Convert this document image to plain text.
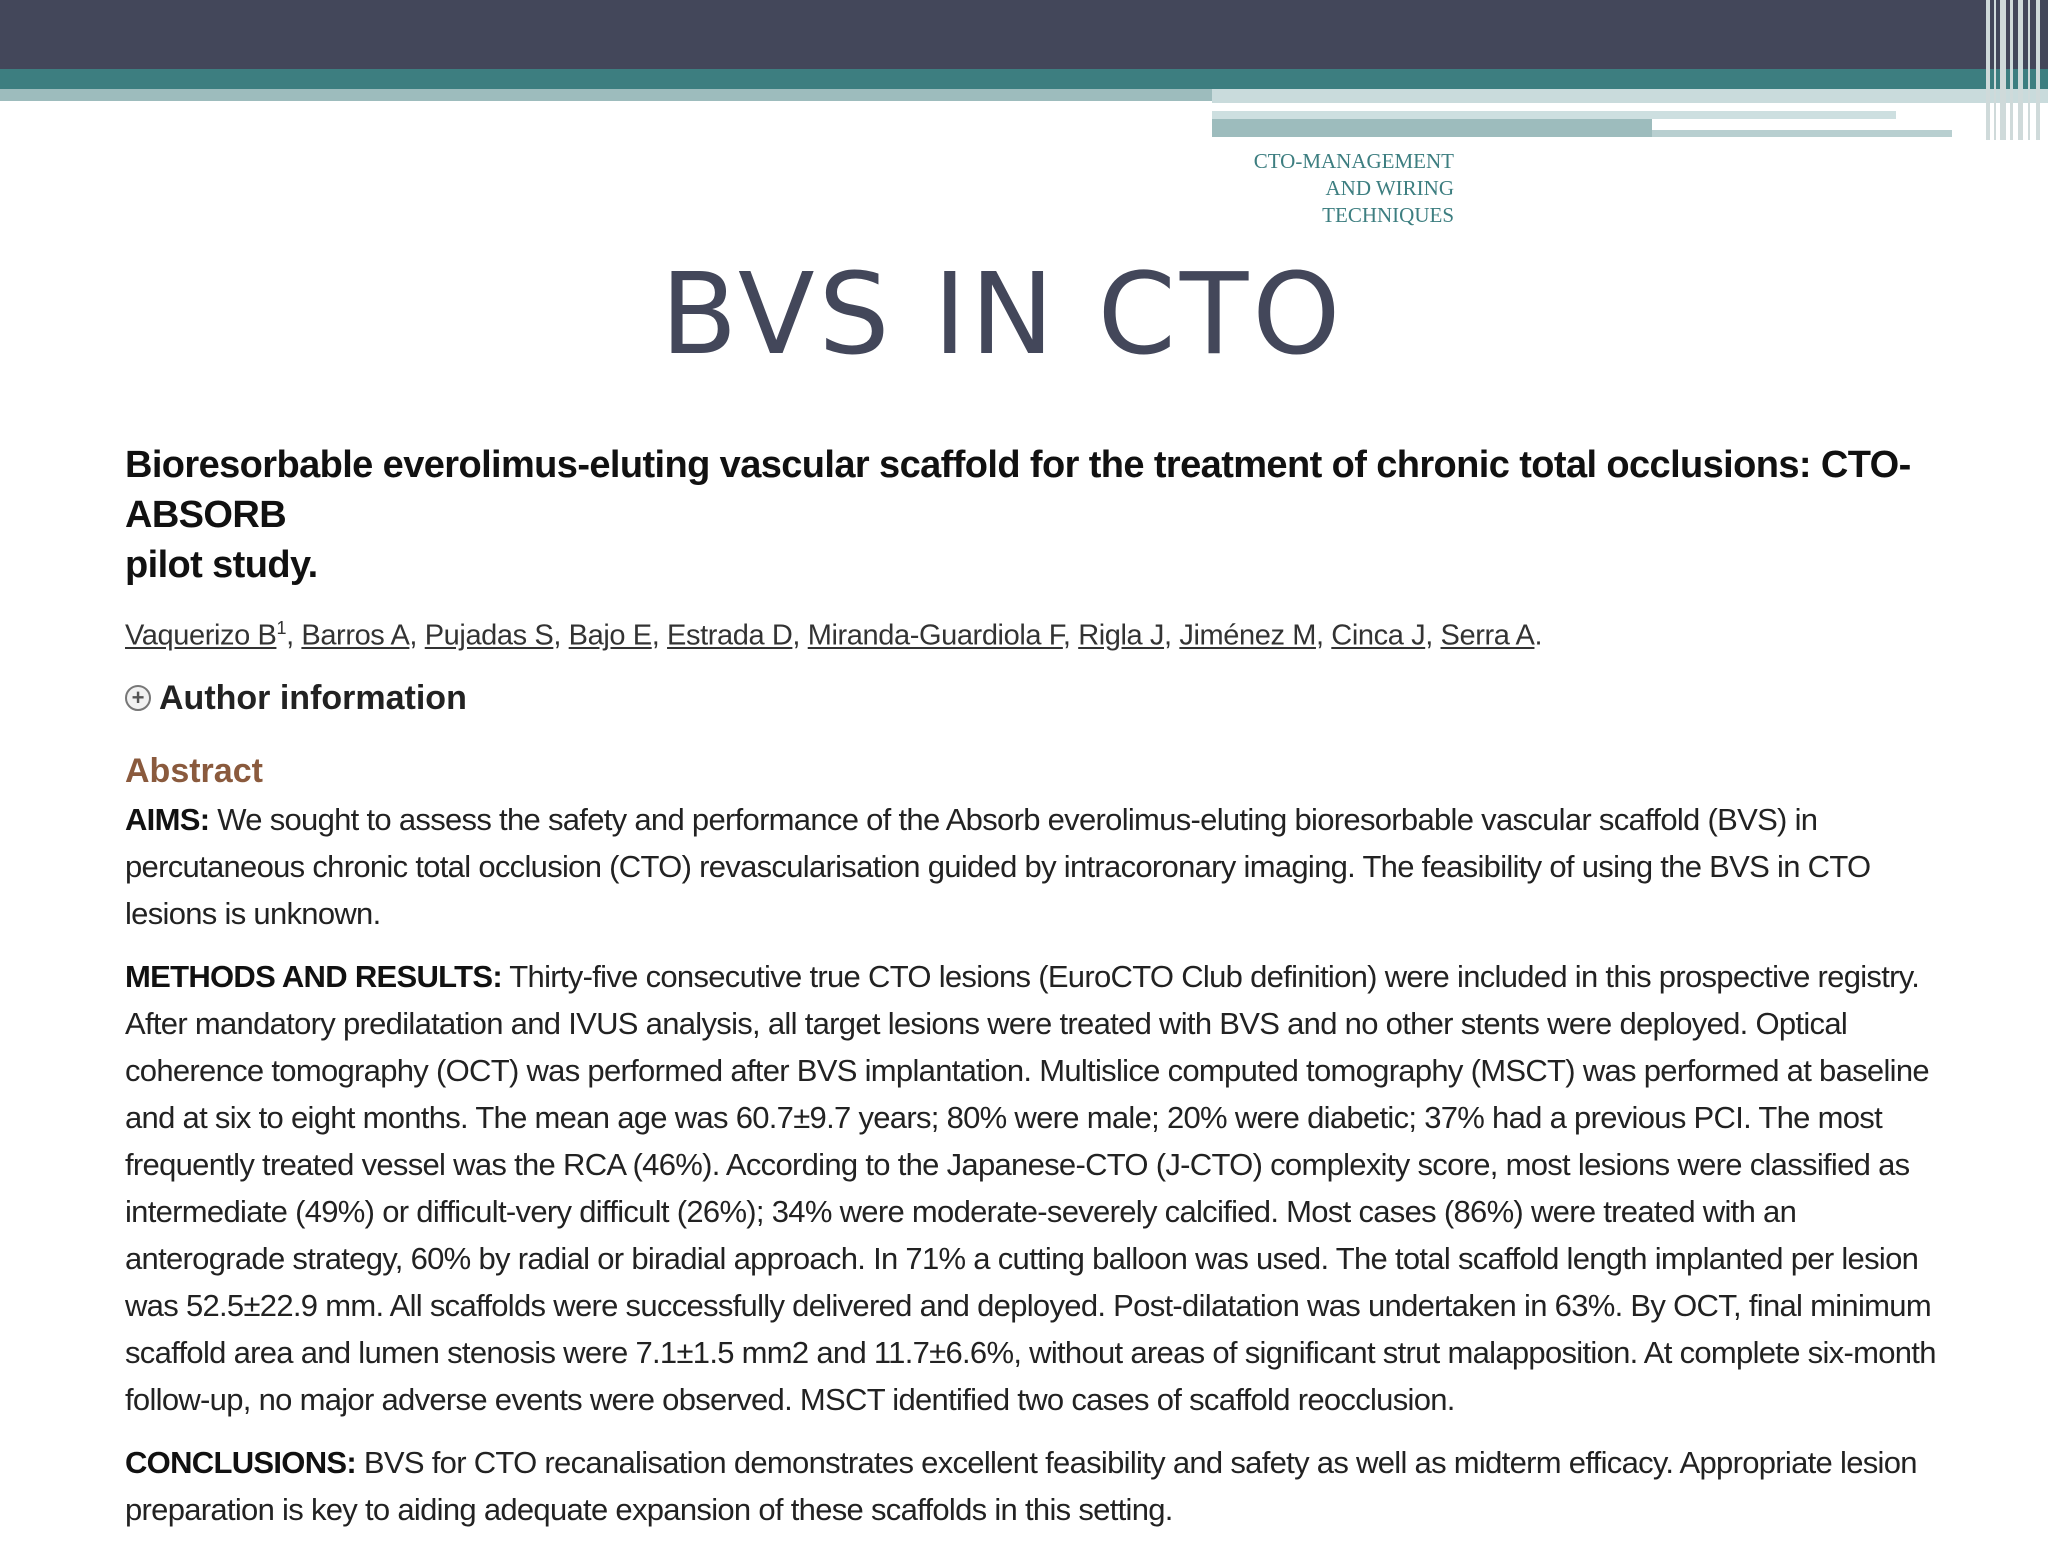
CTO-MANAGEMENT
AND WIRING
TECHNIQUES
BVS IN CTO
Bioresorbable everolimus-eluting vascular scaffold for the treatment of chronic total occlusions: CTO-ABSORB
pilot study.
Vaquerizo $B^1$, Barros A, Pujadas S, Bajo E, Estrada D, Miranda-Guardiola F, Rigla J, Jiménez M, Cinca J, Serra A.
+ Author information
Abstract

AIMS: We sought to assess the safety and performance of the Absorb everolimus-eluting bioresorbable vascular scaffold (BVS) in percutaneous chronic total occlusion (CTO) revascularisation guided by intracoronary imaging. The feasibility of using the BVS in CTO lesions is unknown.

METHODS AND RESULTS: Thirty-five consecutive true CTO lesions (EuroCTO Club definition) were included in this prospective registry. After mandatory predilatation and IVUS analysis, all target lesions were treated with BVS and no other stents were deployed. Optical coherence tomography (OCT) was performed after BVS implantation. Multislice computed tomography (MSCT) was performed at baseline and at six to eight months. The mean age was 60.7±9.7 years; 80% were male; 20% were diabetic; 37% had a previous PCI. The most frequently treated vessel was the RCA (46%). According to the Japanese-CTO (J-CTO) complexity score, most lesions were classified as intermediate (49%) or difficult-very difficult (26%); 34% were moderate-severely calcified. Most cases (86%) were treated with an anterograde strategy, 60% by radial or biradial approach. In 71% a cutting balloon was used. The total scaffold length implanted per lesion was 52.5±22.9 mm. All scaffolds were successfully delivered and deployed. Post-dilatation was undertaken in 63%. By OCT, final minimum scaffold area and lumen stenosis were 7.1±1.5 mm2 and 11.7±6.6%, without areas of significant strut malapposition. At complete six-month follow-up, no major adverse events were observed. MSCT identified two cases of scaffold reocclusion.

CONCLUSIONS: BVS for CTO recanalisation demonstrates excellent feasibility and safety as well as midterm efficacy. Appropriate lesion preparation is key to aiding adequate expansion of these scaffolds in this setting.
